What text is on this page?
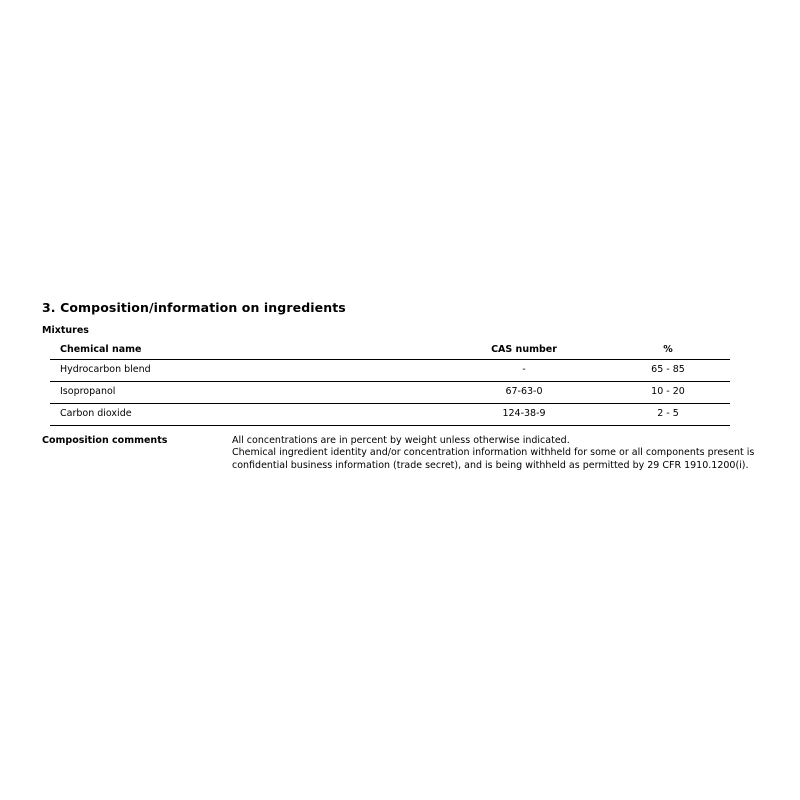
3. Composition/information on ingredients
Mixtures
Chemical name	CAS number	%
Hydrocarbon blend	-	65 - 85
Isopropanol	67-63-0	10 - 20
Carbon dioxide	124-38-9	2 - 5
Composition comments	All concentrations are in percent by weight unless otherwise indicated.

Chemical ingredient identity and/or concentration information withheld for some or all components present is confidential business information (trade secret), and is being withheld as permitted by 29 CFR 1910.1200(i).
